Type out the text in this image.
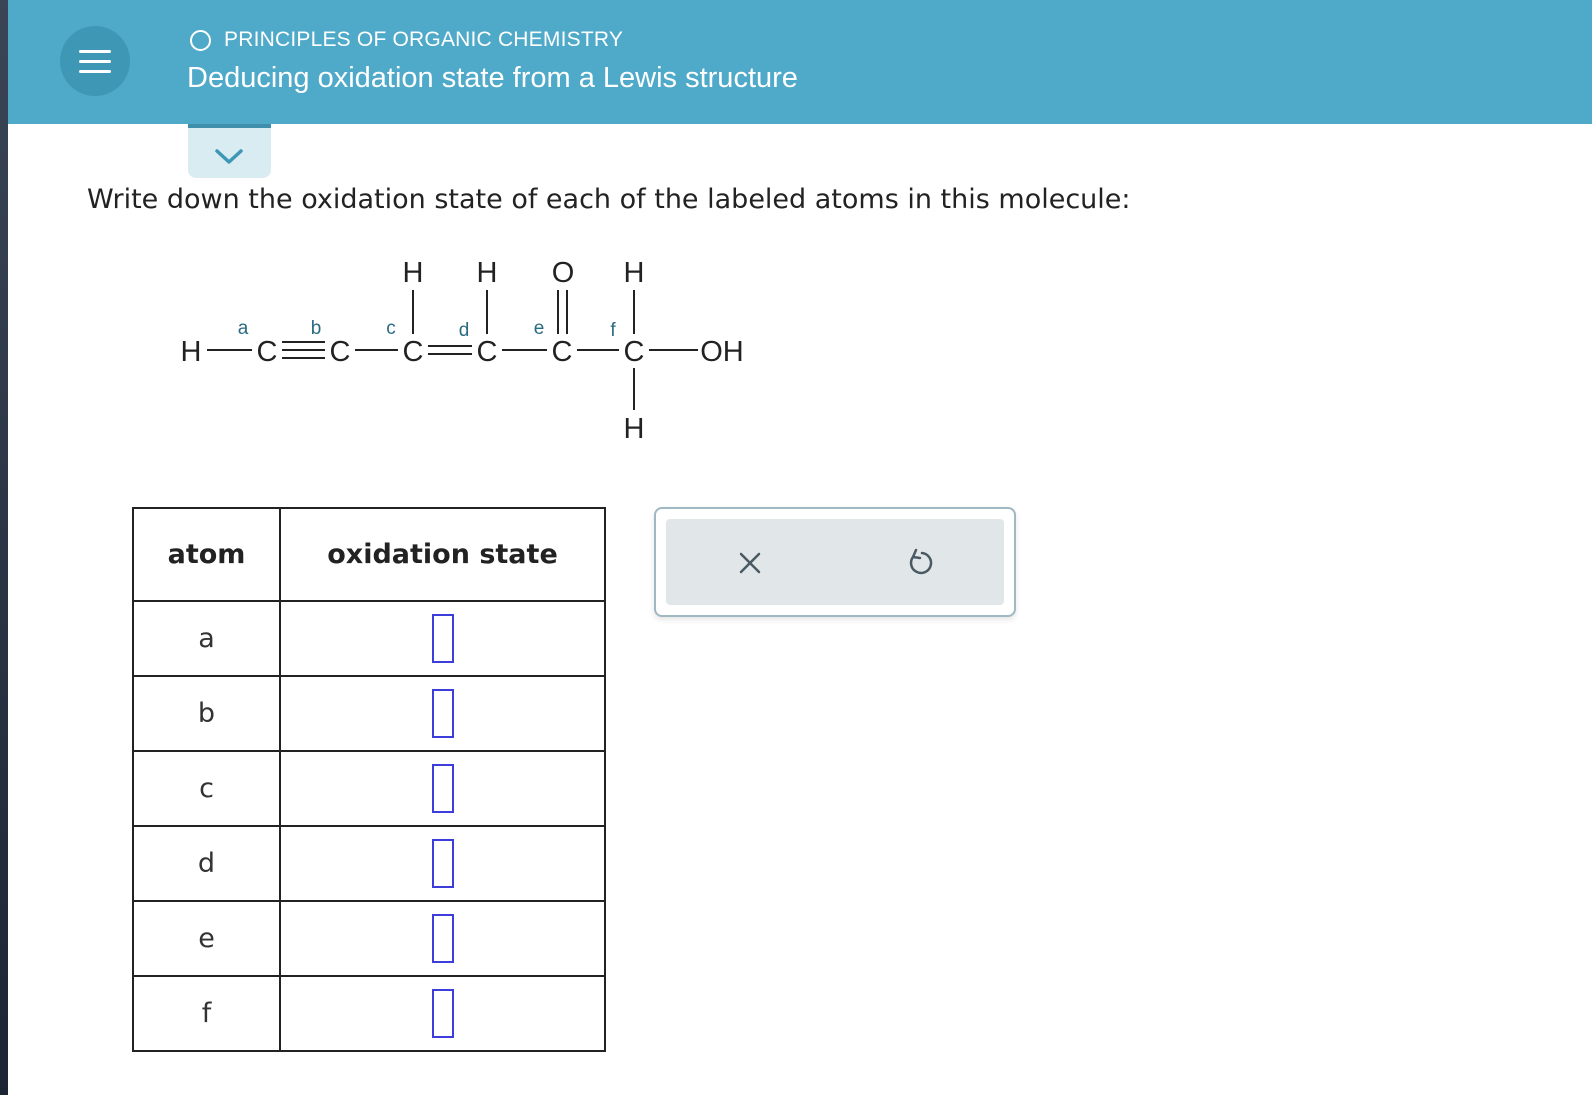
PRINCIPLES OF ORGANIC CHEMISTRY
Deducing oxidation state from a Lewis structure
Write down the oxidation state of each of the labeled atoms in this molecule:
H H O H
H C C C C C C OH
H
a	b	c	d	e	f
atom	oxidation state
a	
b	
c	
d	
e	
f	
